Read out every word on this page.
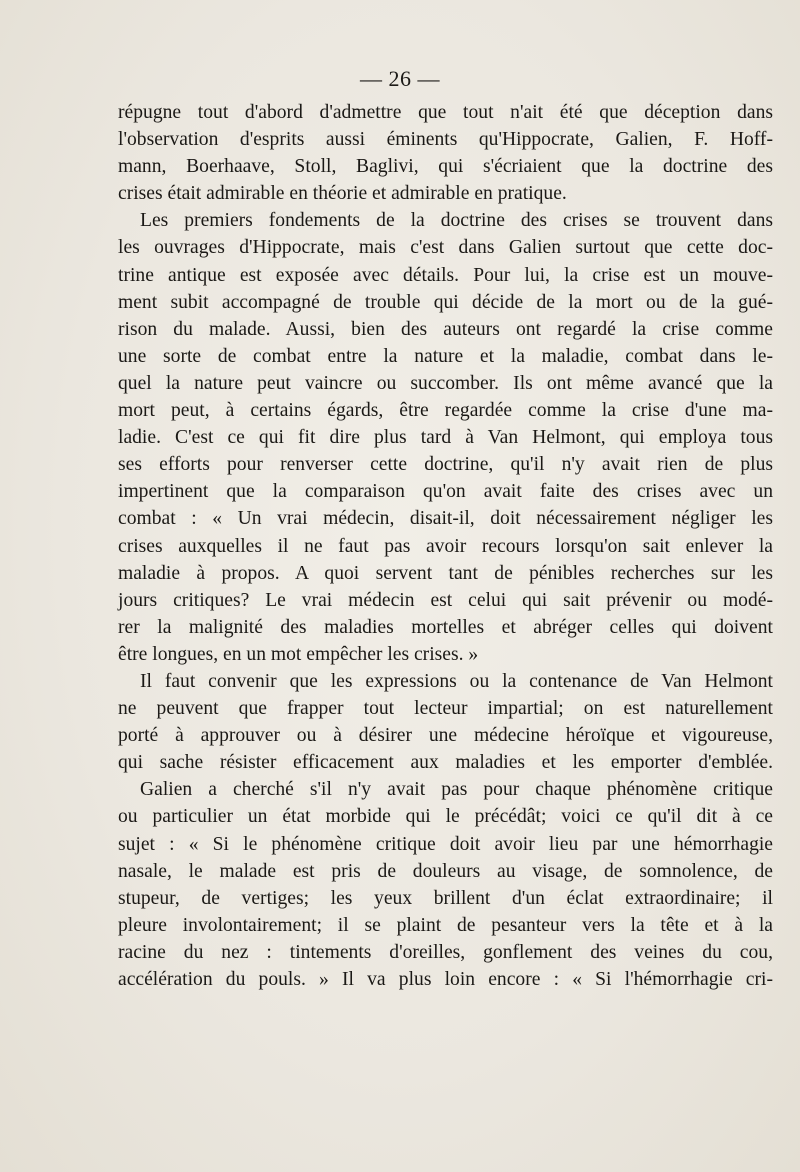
— 26 —
répugne tout d'abord d'admettre que tout n'ait été que déception dans
l'observation d'esprits aussi éminents qu'Hippocrate, Galien, F. Hoff-
mann, Boerhaave, Stoll, Baglivi, qui s'écriaient que la doctrine des
crises était admirable en théorie et admirable en pratique.
Les premiers fondements de la doctrine des crises se trouvent dans
les ouvrages d'Hippocrate, mais c'est dans Galien surtout que cette doc-
trine antique est exposée avec détails. Pour lui, la crise est un mouve-
ment subit accompagné de trouble qui décide de la mort ou de la gué-
rison du malade. Aussi, bien des auteurs ont regardé la crise comme
une sorte de combat entre la nature et la maladie, combat dans le-
quel la nature peut vaincre ou succomber. Ils ont même avancé que la
mort peut, à certains égards, être regardée comme la crise d'une ma-
ladie. C'est ce qui fit dire plus tard à Van Helmont, qui employa tous
ses efforts pour renverser cette doctrine, qu'il n'y avait rien de plus
impertinent que la comparaison qu'on avait faite des crises avec un
combat : « Un vrai médecin, disait-il, doit nécessairement négliger les
crises auxquelles il ne faut pas avoir recours lorsqu'on sait enlever la
maladie à propos. A quoi servent tant de pénibles recherches sur les
jours critiques? Le vrai médecin est celui qui sait prévenir ou modé-
rer la malignité des maladies mortelles et abréger celles qui doivent
être longues, en un mot empêcher les crises. »
Il faut convenir que les expressions ou la contenance de Van Helmont
ne peuvent que frapper tout lecteur impartial; on est naturellement
porté à approuver ou à désirer une médecine héroïque et vigoureuse,
qui sache résister efficacement aux maladies et les emporter d'emblée.
Galien a cherché s'il n'y avait pas pour chaque phénomène critique
ou particulier un état morbide qui le précédât; voici ce qu'il dit à ce
sujet : « Si le phénomène critique doit avoir lieu par une hémorrhagie
nasale, le malade est pris de douleurs au visage, de somnolence, de
stupeur, de vertiges; les yeux brillent d'un éclat extraordinaire; il
pleure involontairement; il se plaint de pesanteur vers la tête et à la
racine du nez : tintements d'oreilles, gonflement des veines du cou,
accélération du pouls. » Il va plus loin encore : « Si l'hémorrhagie cri-
